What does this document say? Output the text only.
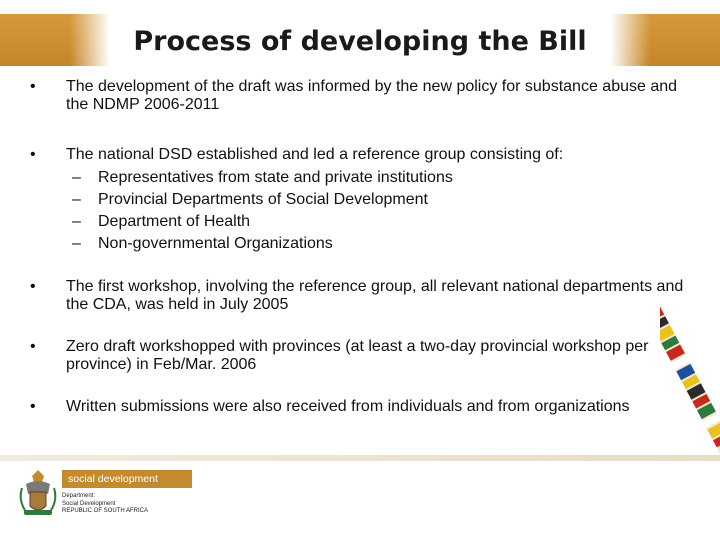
Process of developing the Bill
•	The development of the draft was informed by the new policy for substance abuse and the NDMP 2006-2011
•	The national DSD established and led a reference group consisting of:
– Representatives from state and private institutions
– Provincial Departments of Social Development
– Department of Health
– Non-governmental Organizations
•	The first workshop, involving the reference group, all relevant national departments and the CDA, was held in July 2005
•	Zero draft workshopped with provinces (at least a two-day provincial workshop per province) in Feb/Mar. 2006
•	Written submissions were also received from individuals and from organizations
social development
Department:
Social Development
REPUBLIC OF SOUTH AFRICA
